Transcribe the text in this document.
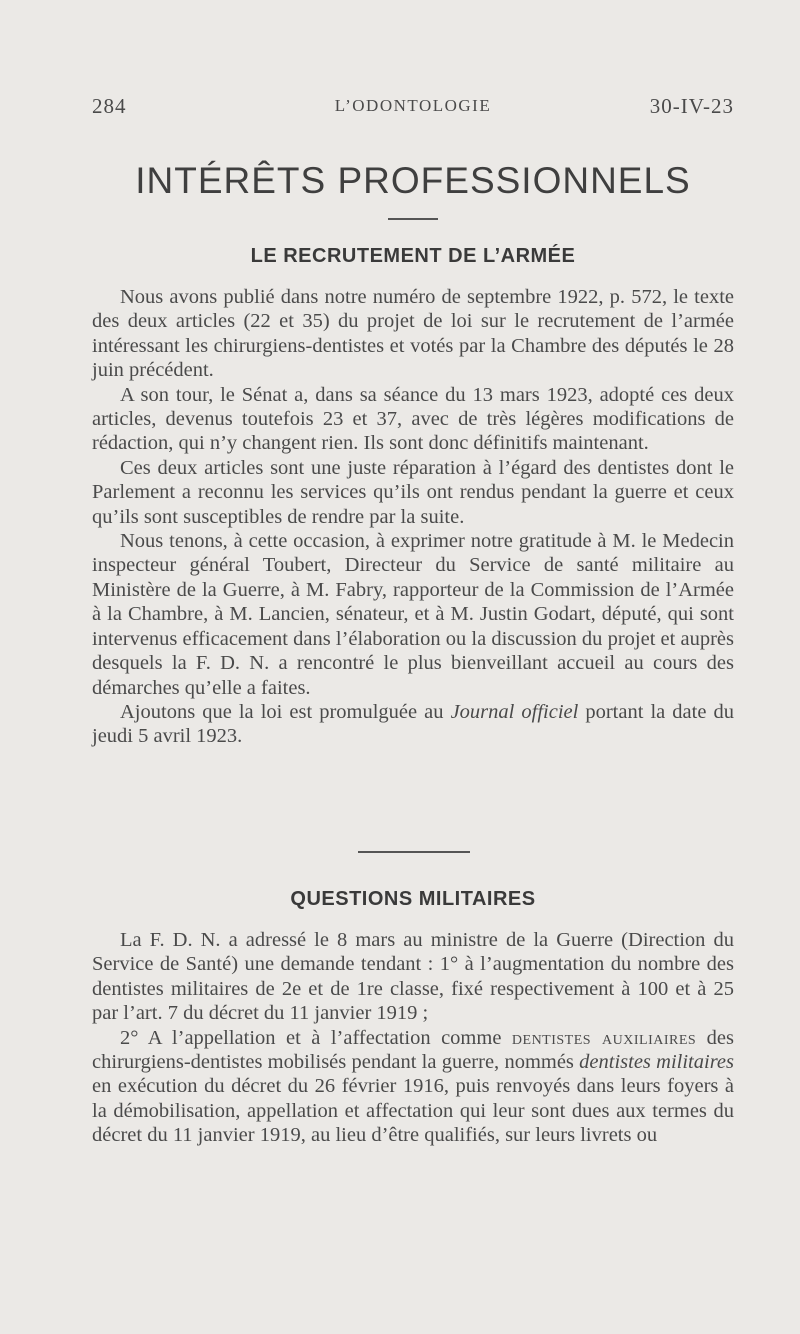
284	L’ODONTOLOGIE	30-IV-23
INTÉRÊTS PROFESSIONNELS
LE RECRUTEMENT DE L’ARMÉE

Nous avons publié dans notre numéro de septembre 1922, p. 572, le texte des deux articles (22 et 35) du projet de loi sur le recrutement de l’armée intéressant les chirurgiens-dentistes et votés par la Chambre des députés le 28 juin précédent.

A son tour, le Sénat a, dans sa séance du 13 mars 1923, adopté ces deux articles, devenus toutefois 23 et 37, avec de très légères modifications de rédaction, qui n’y changent rien. Ils sont donc définitifs maintenant.

Ces deux articles sont une juste réparation à l’égard des dentistes dont le Parlement a reconnu les services qu’ils ont rendus pendant la guerre et ceux qu’ils sont susceptibles de rendre par la suite.

Nous tenons, à cette occasion, à exprimer notre gratitude à M. le Medecin inspecteur général Toubert, Directeur du Service de santé militaire au Ministère de la Guerre, à M. Fabry, rapporteur de la Commission de l’Armée à la Chambre, à M. Lancien, sénateur, et à M. Justin Godart, député, qui sont intervenus efficacement dans l’élaboration ou la discussion du projet et auprès desquels la F. D. N. a rencontré le plus bienveillant accueil au cours des démarches qu’elle a faites.

Ajoutons que la loi est promulguée au Journal officiel portant la date du jeudi 5 avril 1923.

QUESTIONS MILITAIRES

La F. D. N. a adressé le 8 mars au ministre de la Guerre (Direction du Service de Santé) une demande tendant : 1° à l’augmentation du nombre des dentistes militaires de 2e et de 1re classe, fixé respectivement à 100 et à 25 par l’art. 7 du décret du 11 janvier 1919 ;

2° A l’appellation et à l’affectation comme dentistes auxiliaires des chirurgiens-dentistes mobilisés pendant la guerre, nommés dentistes militaires en exécution du décret du 26 février 1916, puis renvoyés dans leurs foyers à la démobilisation, appellation et affectation qui leur sont dues aux termes du décret du 11 janvier 1919, au lieu d’être qualifiés, sur leurs livrets ou
